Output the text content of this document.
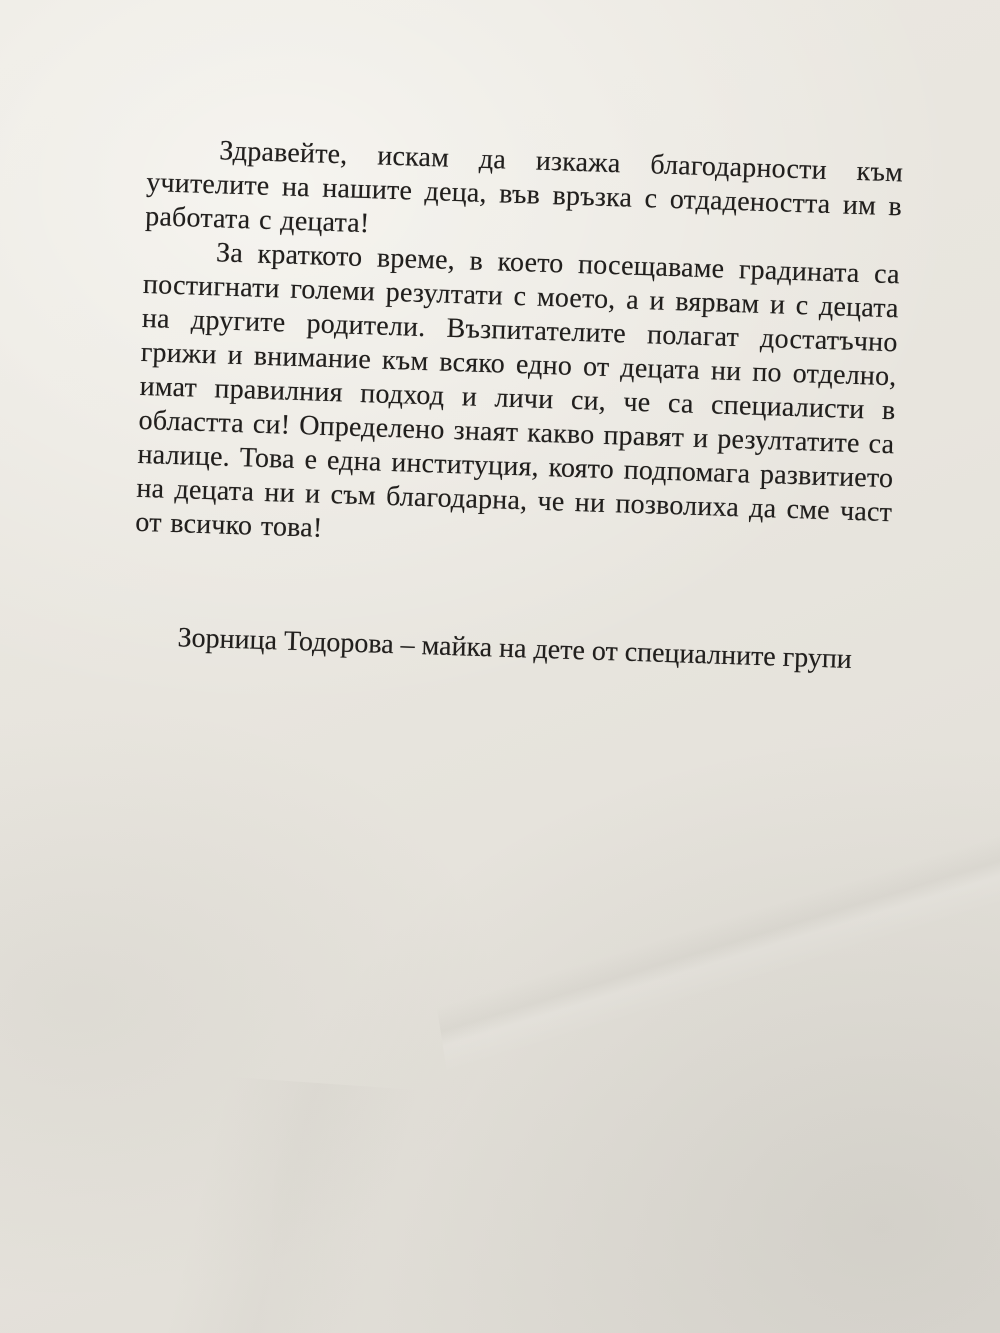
Здравейте, искам да изкажа благодарности към учителите на нашите деца, във връзка с отдадеността им в работата с децата!

За краткото време, в което посещаваме градината са постигнати големи резултати с моето, а и вярвам и с децата на другите родители. Възпитателите полагат достатъчно грижи и внимание към всяко едно от децата ни по отделно, имат правилния подход и личи си, че са специалисти в областта си! Определено знаят какво правят и резултатите са налице. Това е една институция, която подпомага развитието на децата ни и съм благодарна, че ни позволиха да сме част от всичко това!

Зорница Тодорова – майка на дете от специалните групи
